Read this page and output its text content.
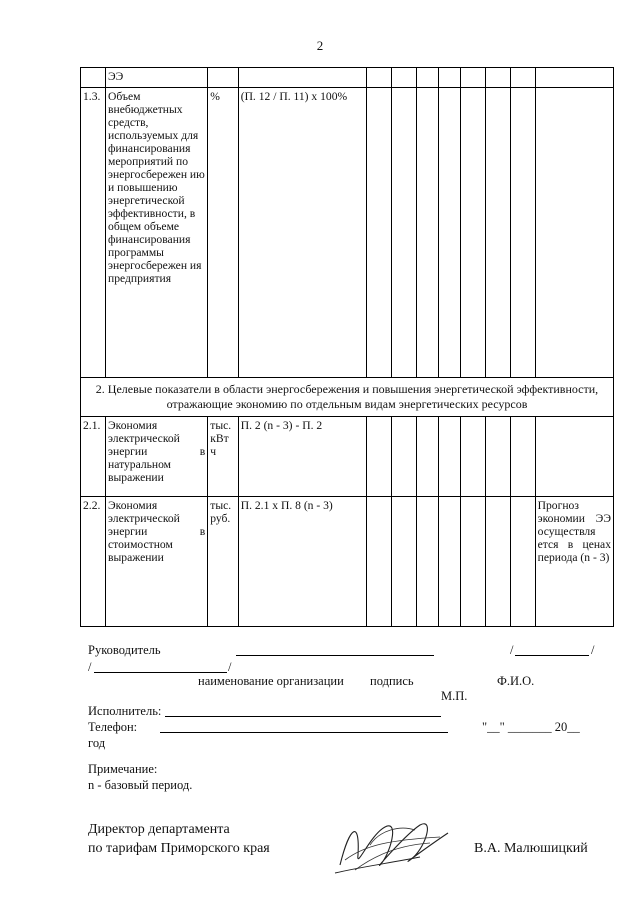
2
	ЭЭ										
1.3.	Объем внебюджетных средств, используемых для финансирования мероприятий по энергосбережен ию и повышению энергетической эффективности, в общем объеме финансирования программы энергосбережен ия предприятия	%	(П. 12 / П. 11) х 100%								
2. Целевые показатели в области энергосбережения и повышения энергетической эффективности, отражающие экономию по отдельным видам энергетических ресурсов											
2.1.	Экономия электрической энергии в натуральном выражении	тыс. кВт ч	П. 2 (n - 3) - П. 2								
2.2.	Экономия электрической энергии в стоимостном выражении	тыс. руб.	П. 2.1 х П. 8 (n - 3)								Прогноз экономии ЭЭ осуществля ется в ценах периода (n - 3)
Руководитель	/	/
/	/
наименование организации подпись	Ф.И.О.
М.П.
Исполнитель:
Телефон:	"__" _______ 20__
год
Примечание:
n - базовый период.
Директор департамента
по тарифам Приморского края	В.А. Малюшицкий
